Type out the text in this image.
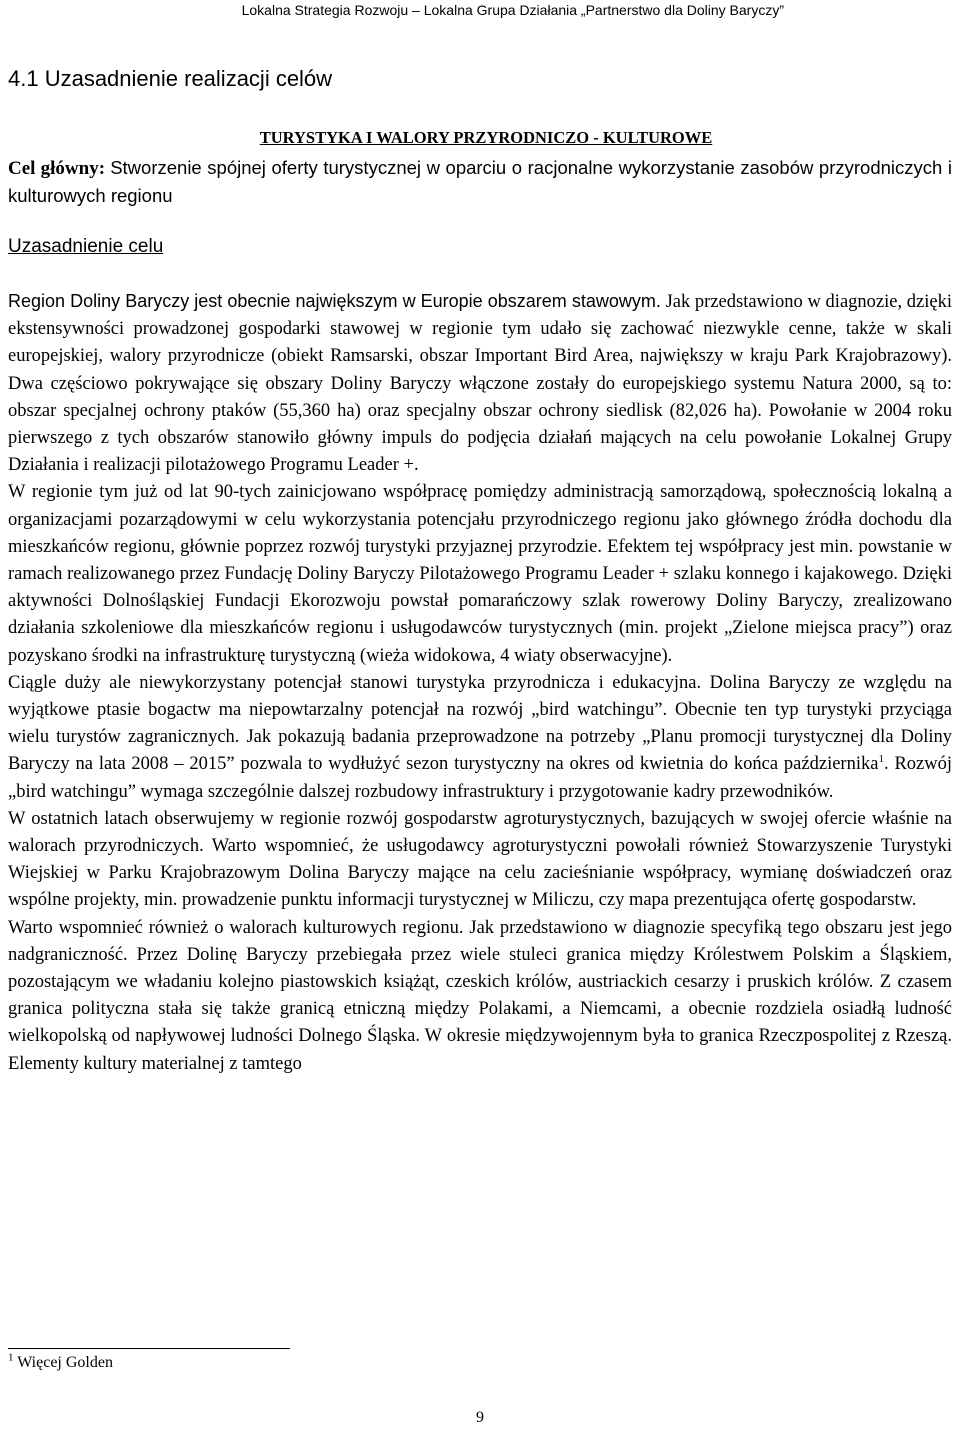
Lokalna Strategia Rozwoju – Lokalna Grupa Działania „Partnerstwo dla Doliny Baryczy”
4.1 Uzasadnienie realizacji celów
TURYSTYKA I WALORY PRZYRODNICZO - KULTUROWE
Cel główny: Stworzenie spójnej oferty turystycznej w oparciu o racjonalne wykorzystanie zasobów przyrodniczych i kulturowych regionu
Uzasadnienie celu

Region Doliny Baryczy jest obecnie największym w Europie obszarem stawowym. Jak przedstawiono w diagnozie, dzięki ekstensywności prowadzonej gospodarki stawowej w regionie tym udało się zachować niezwykle cenne, także w skali europejskiej, walory przyrodnicze (obiekt Ramsarski, obszar Important Bird Area, największy w kraju Park Krajobrazowy). Dwa częściowo pokrywające się obszary Doliny Baryczy włączone zostały do europejskiego systemu Natura 2000, są to: obszar specjalnej ochrony ptaków (55,360 ha) oraz specjalny obszar ochrony siedlisk (82,026 ha). Powołanie w 2004 roku pierwszego z tych obszarów stanowiło główny impuls do podjęcia działań mających na celu powołanie Lokalnej Grupy Działania i realizacji pilotażowego Programu Leader +.

W regionie tym już od lat 90-tych zainicjowano współpracę pomiędzy administracją samorządową, społecznością lokalną a organizacjami pozarządowymi w celu wykorzystania potencjału przyrodniczego regionu jako głównego źródła dochodu dla mieszkańców regionu, głównie poprzez rozwój turystyki przyjaznej przyrodzie. Efektem tej współpracy jest min. powstanie w ramach realizowanego przez Fundację Doliny Baryczy Pilotażowego Programu Leader + szlaku konnego i kajakowego. Dzięki aktywności Dolnośląskiej Fundacji Ekorozwoju powstał pomarańczowy szlak rowerowy Doliny Baryczy, zrealizowano działania szkoleniowe dla mieszkańców regionu i usługodawców turystycznych (min. projekt „Zielone miejsca pracy”) oraz pozyskano środki na infrastrukturę turystyczną (wieża widokowa, 4 wiaty obserwacyjne).

Ciągle duży ale niewykorzystany potencjał stanowi turystyka przyrodnicza i edukacyjna. Dolina Baryczy ze względu na wyjątkowe ptasie bogactw ma niepowtarzalny potencjał na rozwój „bird watchingu”. Obecnie ten typ turystyki przyciąga wielu turystów zagranicznych. Jak pokazują badania przeprowadzone na potrzeby „Planu promocji turystycznej dla Doliny Baryczy na lata 2008 – 2015” pozwala to wydłużyć sezon turystyczny na okres od kwietnia do końca października$^1$. Rozwój „bird watchingu” wymaga szczególnie dalszej rozbudowy infrastruktury i przygotowanie kadry przewodników.

W ostatnich latach obserwujemy w regionie rozwój gospodarstw agroturystycznych, bazujących w swojej ofercie właśnie na walorach przyrodniczych. Warto wspomnieć, że usługodawcy agroturystyczni powołali również Stowarzyszenie Turystyki Wiejskiej w Parku Krajobrazowym Dolina Baryczy mające na celu zacieśnianie współpracy, wymianę doświadczeń oraz wspólne projekty, min. prowadzenie punktu informacji turystycznej w Miliczu, czy mapa prezentująca ofertę gospodarstw.

Warto wspomnieć również o walorach kulturowych regionu. Jak przedstawiono w diagnozie specyfiką tego obszaru jest jego nadgraniczność. Przez Dolinę Baryczy przebiegała przez wiele stuleci granica między Królestwem Polskim a Śląskiem, pozostającym we władaniu kolejno piastowskich książąt, czeskich królów, austriackich cesarzy i pruskich królów. Z czasem granica polityczna stała się także granicą etniczną między Polakami, a Niemcami, a obecnie rozdziela osiadłą ludność wielkopolską od napływowej ludności Dolnego Śląska. W okresie międzywojennym była to granica Rzeczpospolitej z Rzeszą. Elementy kultury materialnej z tamtego

$^1$ Więcej Golden
9
